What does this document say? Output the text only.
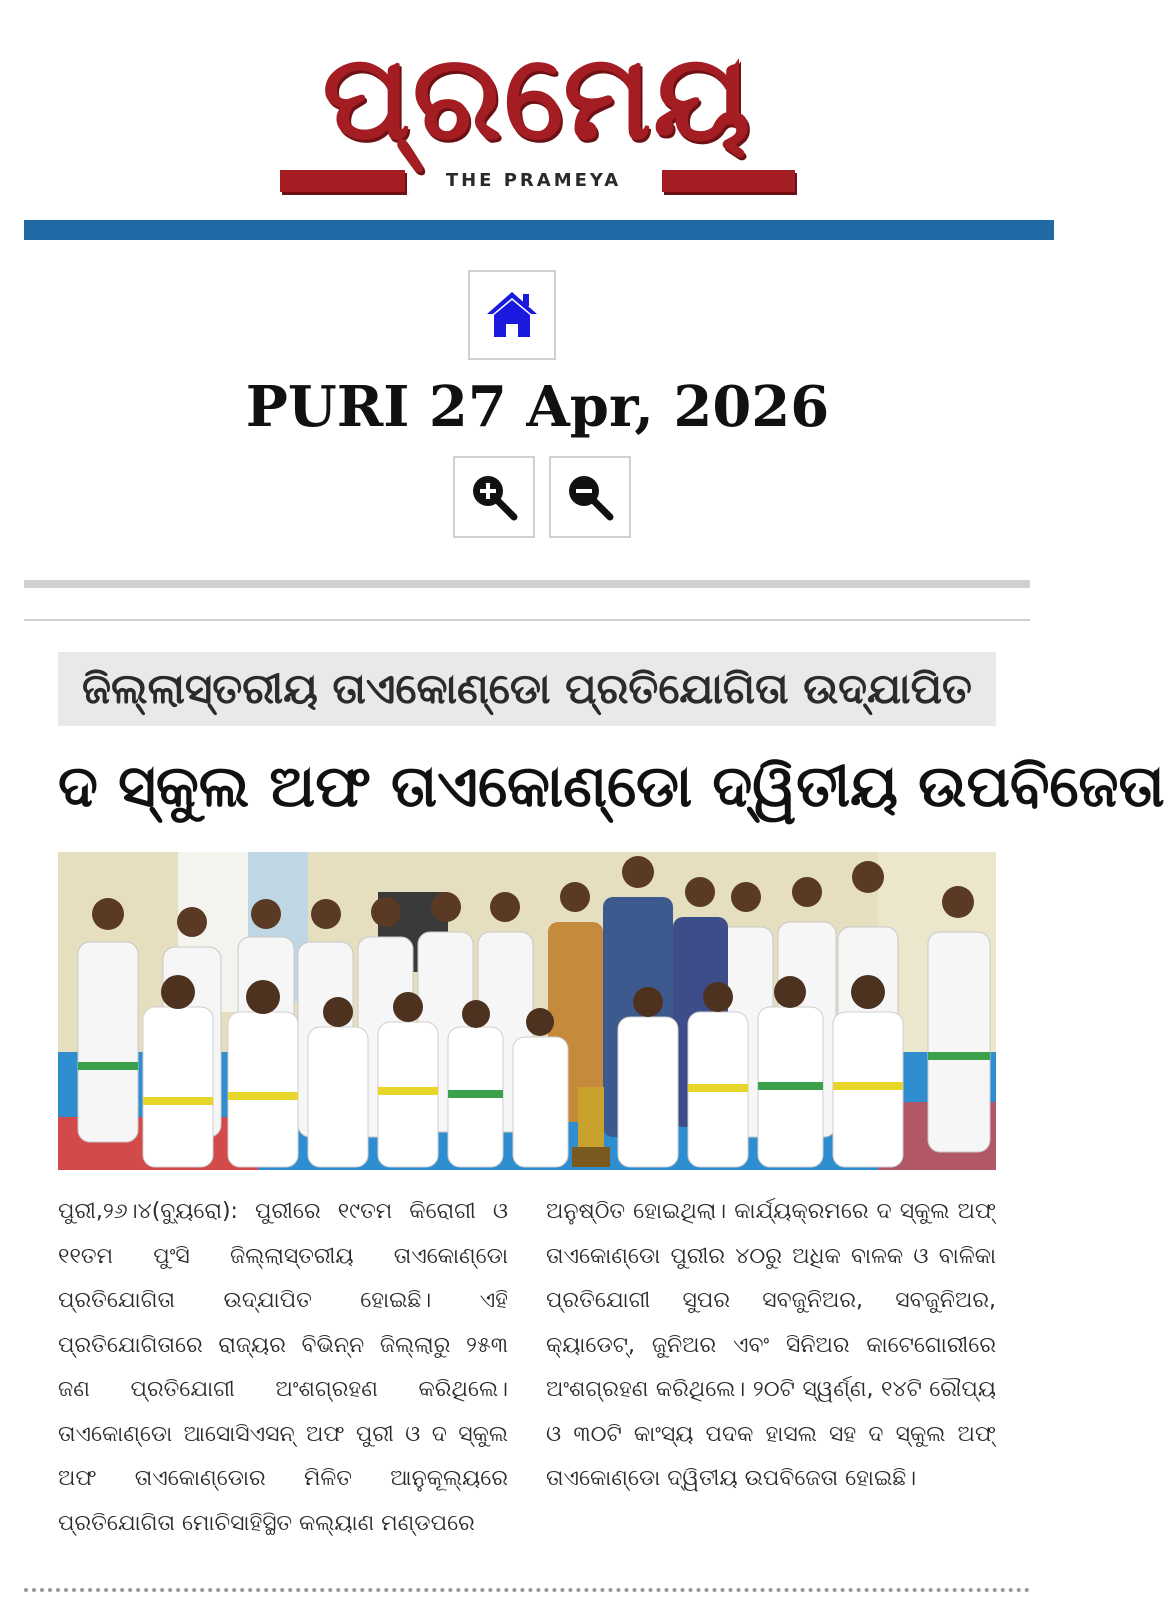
ପ୍ରମେୟ
THE PRAMEYA
PURI 27 Apr, 2026
ଜିଲ୍ଲାସ୍ତରୀୟ ତାଏକୋଣ୍ଡୋ ପ୍ରତିଯୋଗିତା ଉଦ୍‌ଯାପିତ
ଦ ସ୍କୁଲ ଅଫ ତାଏକୋଣ୍ଡୋ ଦ୍ୱିତୀୟ ଉପବିଜେତା
ପୁରୀ,୨୬।୪(ବ୍ୟୁରୋ): ପୁରୀରେ ୧୯ତମ କିରୋଗୀ ଓ ୧୧ତମ ପୁଂସି ଜିଲ୍ଲାସ୍ତରୀୟ ତାଏକୋଣ୍ଡୋ ପ୍ରତିଯୋଗିତା ଉଦ୍‌ଯାପିତ ହୋଇଛି। ଏହି ପ୍ରତିଯୋଗିତାରେ ରାଜ୍ୟର ବିଭିନ୍ନ ଜିଲ୍ଲାରୁ ୨୫୩ ଜଣ ପ୍ରତିଯୋଗୀ ଅଂଶଗ୍ରହଣ କରିଥିଲେ। ତାଏକୋଣ୍ଡୋ ଆସୋସିଏସନ୍ ଅଫ ପୁରୀ ଓ ଦ ସ୍କୁଲ ଅଫ ତାଏକୋଣ୍ଡୋର ମିଳିତ ଆନୁକୂଲ୍ୟରେ ପ୍ରତିଯୋଗିତା ମୋଚିସାହିସ୍ଥିତ କଲ୍ୟାଣ ମଣ୍ଡପରେ
ଅନୁଷ୍ଠିତ ହୋଇଥିଲା। କାର୍ଯ୍ୟକ୍ରମରେ ଦ ସ୍କୁଲ ଅଫ୍ ତାଏକୋଣ୍ଡୋ ପୁରୀର ୪୦ରୁ ଅଧିକ ବାଳକ ଓ ବାଳିକା ପ୍ରତିଯୋଗୀ ସୁପର ସବଜୁନିଅର, ସବଜୁନିଅର, କ୍ୟାଡେଟ୍, ଜୁନିଅର ଏବଂ ସିନିଅର କାଟେଗୋରୀରେ ଅଂଶଗ୍ରହଣ କରିଥିଲେ। ୨୦ଟି ସ୍ୱର୍ଣ୍ଣ, ୧୪ଟି ରୌପ୍ୟ ଓ ୩୦ଟି କାଂସ୍ୟ ପଦକ ହାସଲ ସହ ଦ ସ୍କୁଲ ଅଫ୍ ତାଏକୋଣ୍ଡୋ ଦ୍ୱିତୀୟ ଉପବିଜେତା ହୋଇଛି।
